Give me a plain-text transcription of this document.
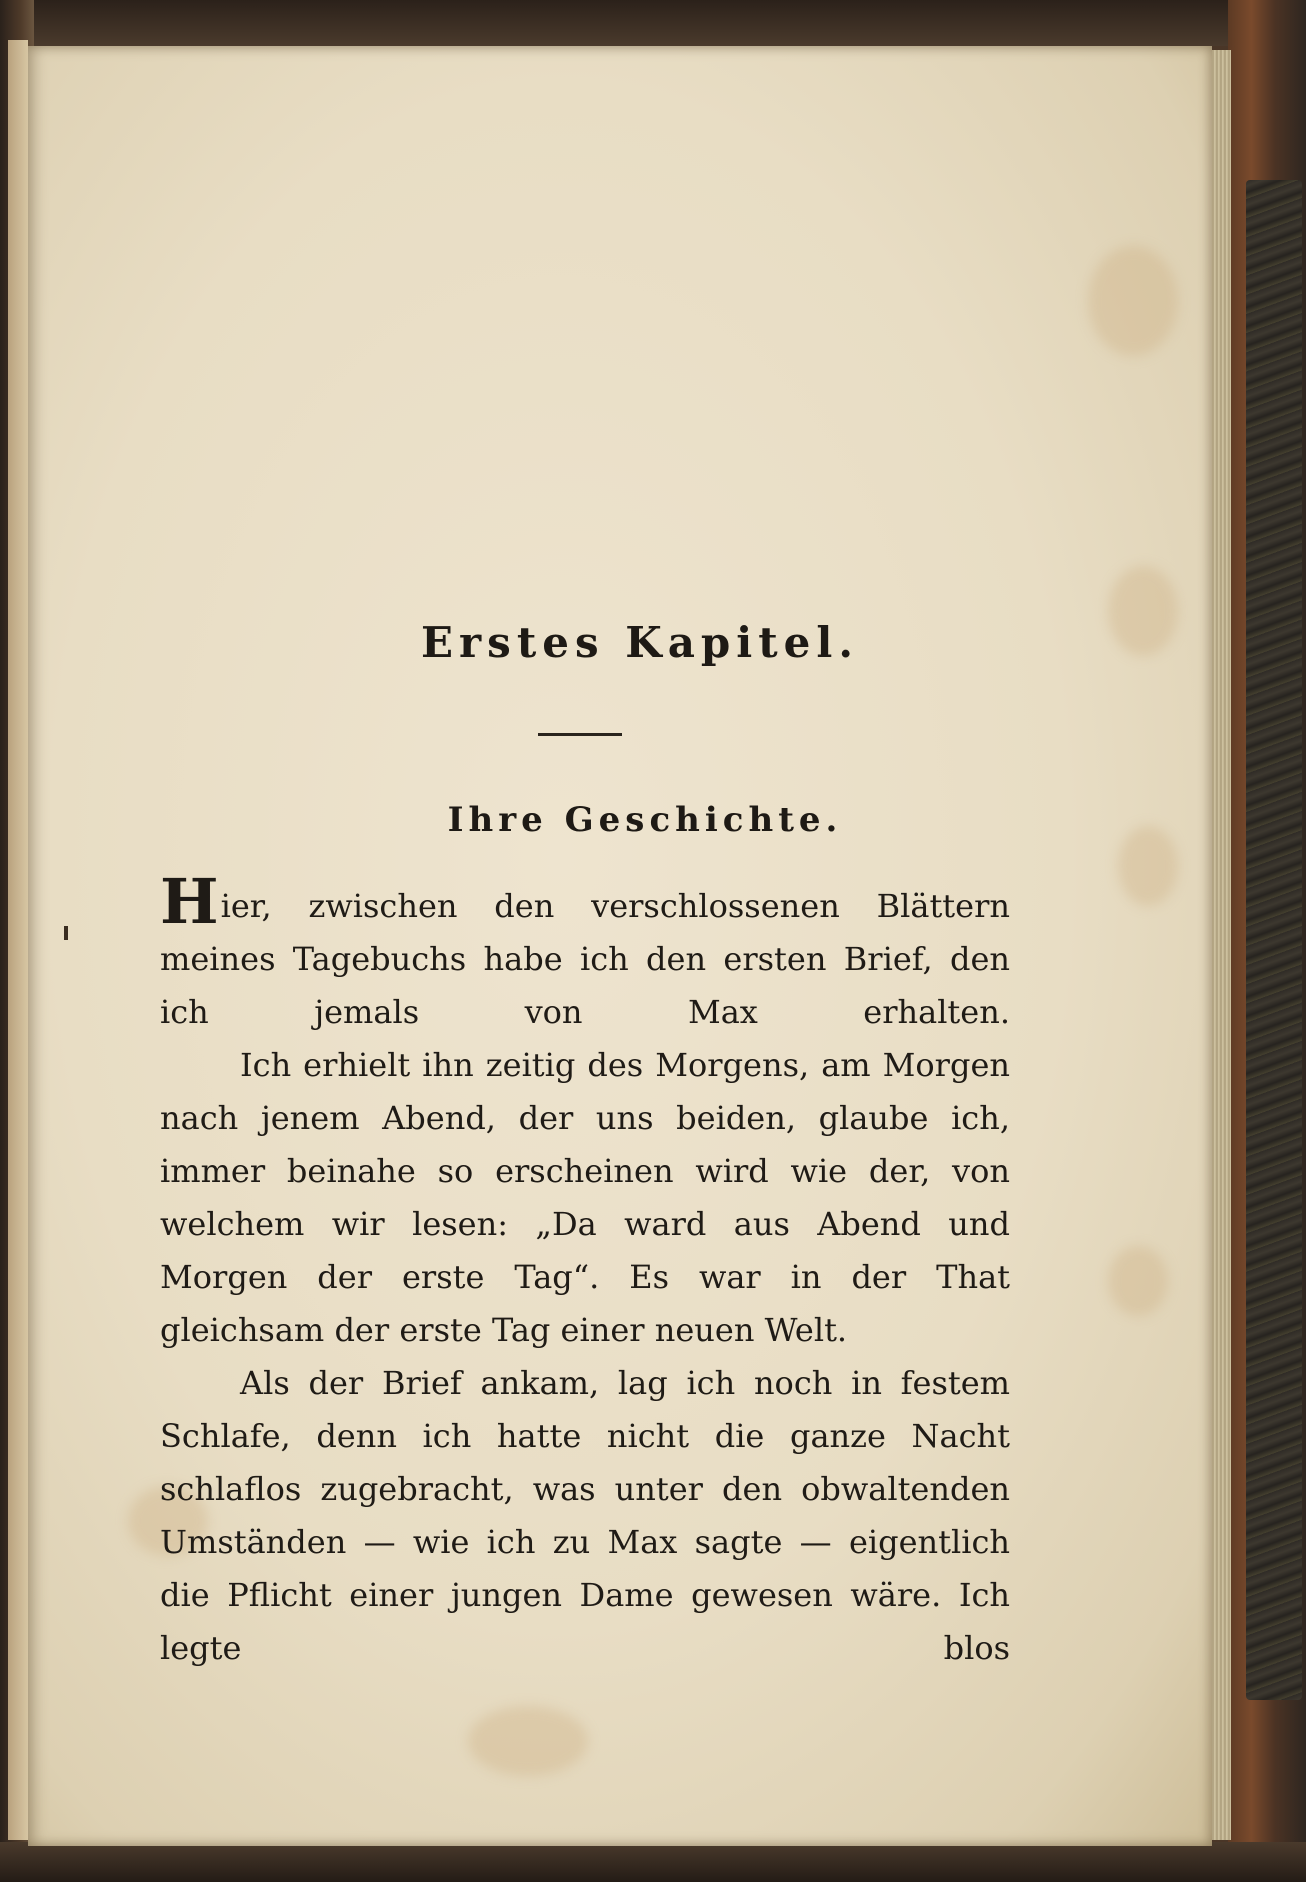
Erstes Kapitel.
Ihre Geschichte.

Hier, zwischen den verschlossenen Blättern meines Tagebuchs habe ich den ersten Brief, den ich jemals von Max erhalten.

Ich erhielt ihn zeitig des Morgens, am Morgen nach jenem Abend, der uns beiden, glaube ich, immer beinahe so erscheinen wird wie der, von welchem wir lesen: „Da ward aus Abend und Morgen der erste Tag“. Es war in der That gleichsam der erste Tag einer neuen Welt.

Als der Brief ankam, lag ich noch in festem Schlafe, denn ich hatte nicht die ganze Nacht schlaflos zugebracht, was unter den obwaltenden Umständen — wie ich zu Max sagte — eigentlich die Pflicht einer jungen Dame gewesen wäre. Ich legte blos
